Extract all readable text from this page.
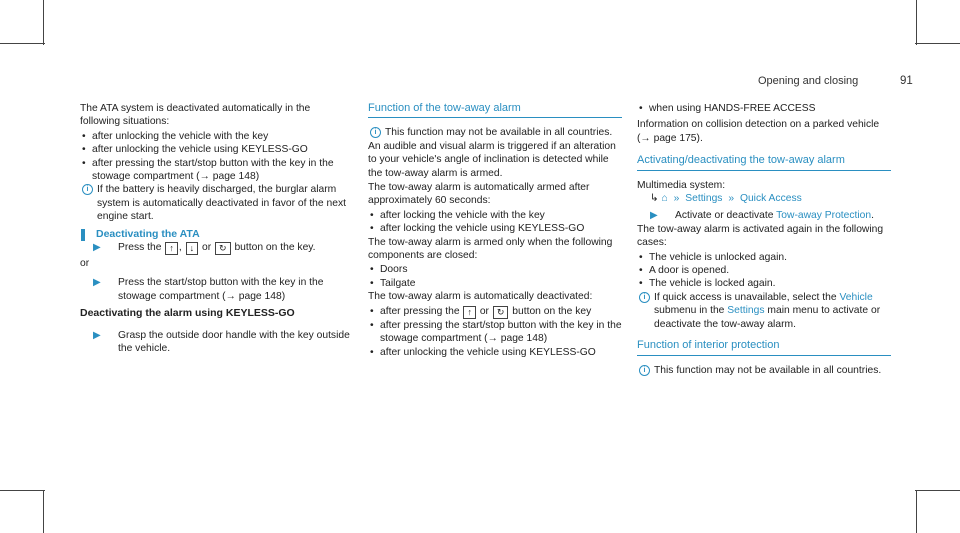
Opening and closing	91

The ATA system is deactivated automatically in the following situations:

• after unlocking the vehicle with the key

• after unlocking the vehicle using KEYLESS-GO

• after pressing the start/stop button with the key in the stowage compartment (→ page 148)

i If the battery is heavily discharged, the burglar alarm system is automatically deactivated in favor of the next engine start.
Deactivating the ATA
▶ Press the ↑ , ↓ or ↻ button on the key.

or

▶ Press the start/stop button with the key in the stowage compartment (→ page 148)
Deactivating the alarm using KEYLESS-GO
▶ Grasp the outside door handle with the key outside the vehicle.
Function of the tow-away alarm
i This function may not be available in all countries.

An audible and visual alarm is triggered if an alteration to your vehicle's angle of inclination is detected while the tow-away alarm is armed.

The tow-away alarm is automatically armed after approximately 60 seconds:

• after locking the vehicle with the key

• after locking the vehicle using KEYLESS-GO

The tow-away alarm is armed only when the following components are closed:

• Doors

• Tailgate

The tow-away alarm is automatically deactivated:

• after pressing the ↑ or ↻ button on the key

• after pressing the start/stop button with the key in the stowage compartment (→ page 148)

• after unlocking the vehicle using KEYLESS-GO

• when using HANDS-FREE ACCESS

Information on collision detection on a parked vehicle (→ page 175).

Activating/deactivating the tow-away alarm

Multimedia system:

↳ ⌂ » Settings » Quick Access
▶ Activate or deactivate Tow-away Protection.

The tow-away alarm is activated again in the following cases:

• The vehicle is unlocked again.

• A door is opened.

• The vehicle is locked again.

i If quick access is unavailable, select the Vehicle submenu in the Settings main menu to activate or deactivate the tow-away alarm.
Function of interior protection
i This function may not be available in all countries.
